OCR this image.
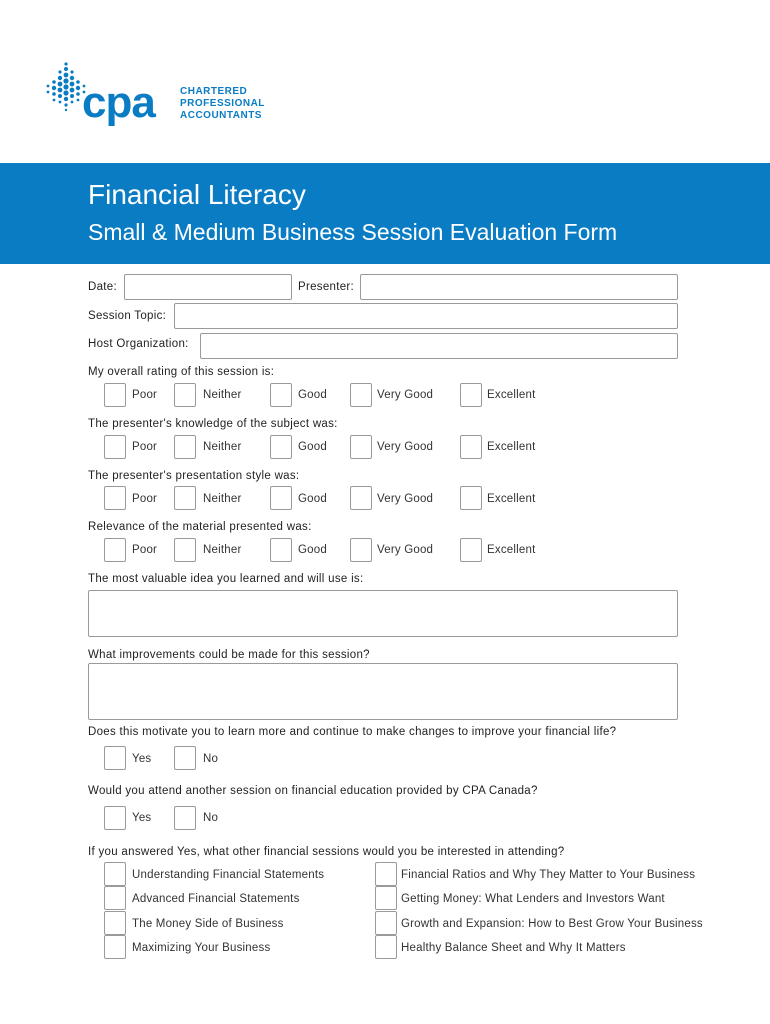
cpa	CHARTERED
PROFESSIONAL
ACCOUNTANTS
Financial Literacy
Small & Medium Business Session Evaluation Form
Date:	Presenter:
Session Topic:
Host Organization:
My overall rating of this session is:
Poor	Neither	Good	Very Good	Excellent
The presenter's knowledge of the subject was:
Poor	Neither	Good	Very Good	Excellent
The presenter's presentation style was:
Poor	Neither	Good	Very Good	Excellent
Relevance of the material presented was:
Poor	Neither	Good	Very Good	Excellent
The most valuable idea you learned and will use is:
What improvements could be made for this session?
Does this motivate you to learn more and continue to make changes to improve your financial life?
Yes	No
Would you attend another session on financial education provided by CPA Canada?
Yes	No
If you answered Yes, what other financial sessions would you be interested in attending?
Understanding Financial Statements
Advanced Financial Statements
The Money Side of Business
Maximizing Your Business
Financial Ratios and Why They Matter to Your Business
Getting Money: What Lenders and Investors Want
Growth and Expansion: How to Best Grow Your Business
Healthy Balance Sheet and Why It Matters
